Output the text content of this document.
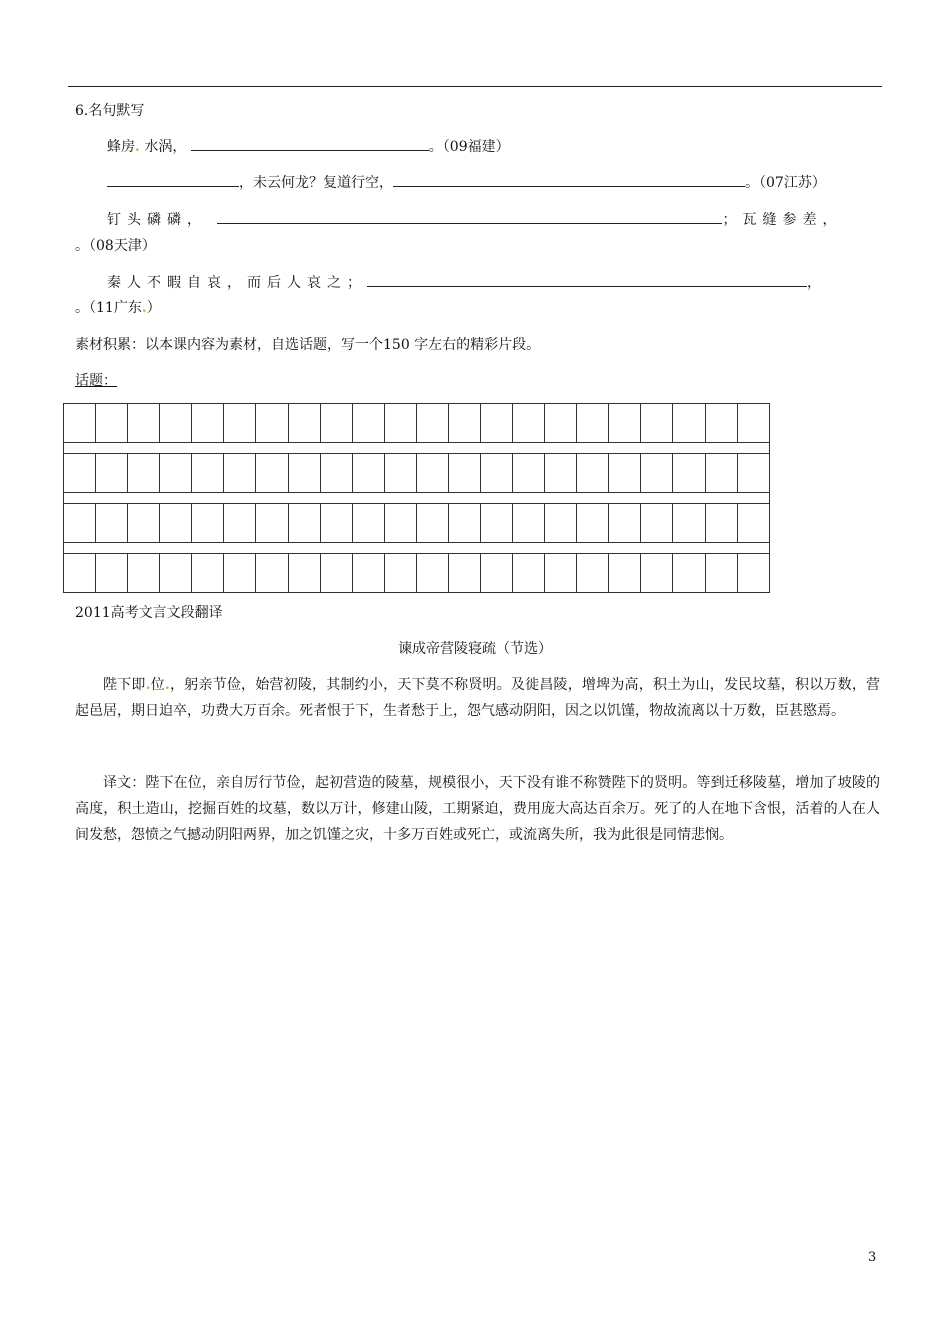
6.名句默写
蜂房. 水涡，	。（09福建）
，未云何龙？复道行空，	。（07江苏）
钉头磷磷，	；瓦缝参差，
。（08天津）
秦人不暇自哀，而后人哀之；	，
。（11广东.）
素材积累：以本课内容为素材，自选话题，写一个150 字左右的精彩片段。
话题：

2011高考文言文段翻译
谏成帝营陵寝疏（节选）
陛下即.位.，躬亲节俭，始营初陵，其制约小，天下莫不称贤明。及徙昌陵，增埤为高，积土为山，发民坟墓，积以万数，营起邑居，期日迫卒，功费大万百余。死者恨于下，生者愁于上，怨气感动阴阳，因之以饥馑，物故流离以十万数，臣甚愍焉。
译文：陛下在位，亲自厉行节俭，起初营造的陵墓，规模很小，天下没有谁不称赞陛下的贤明。等到迁移陵墓，增加了坡陵的高度，积土造山，挖掘百姓的坟墓，数以万计，修建山陵，工期紧迫，费用庞大高达百余万。死了的人在地下含恨，活着的人在人间发愁，怨愤之气撼动阴阳两界，加之饥馑之灾，十多万百姓或死亡，或流离失所，我为此很是同情悲悯。
3
